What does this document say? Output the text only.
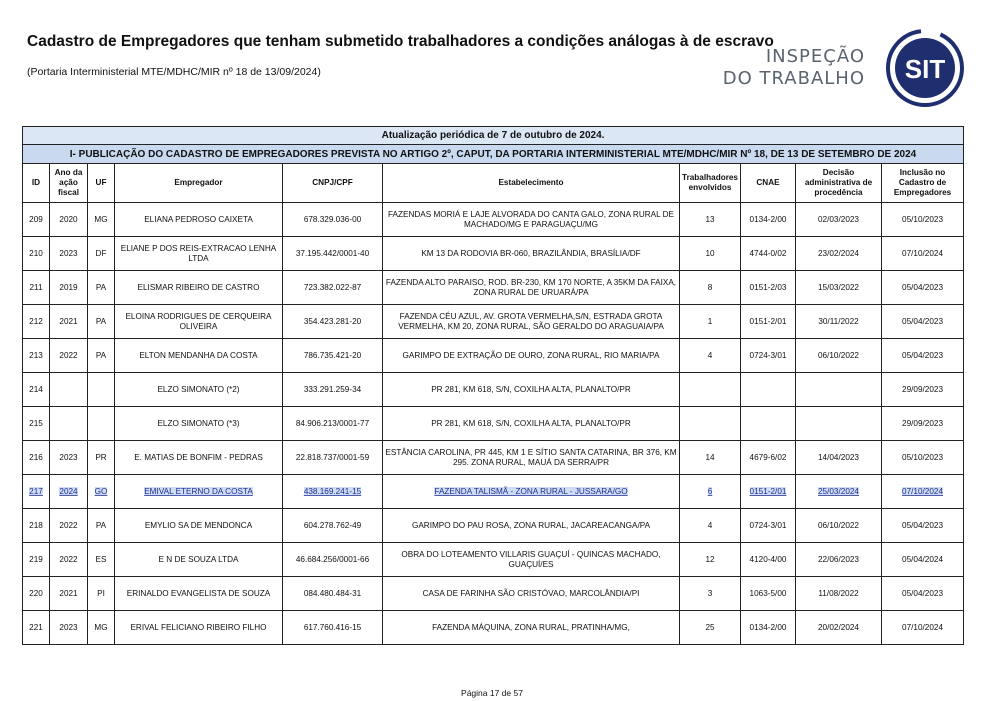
Cadastro de Empregadores que tenham submetido trabalhadores a condições análogas à de escravo
(Portaria Interministerial MTE/MDHC/MIR nº 18 de 13/09/2024)
INSPEÇÃO
DO TRABALHO SIT
Atualização periódica de 7 de outubro de 2024.									
I- PUBLICAÇÃO DO CADASTRO DE EMPREGADORES PREVISTA NO ARTIGO 2º, CAPUT, DA PORTARIA INTERMINISTERIAL MTE/MDHC/MIR Nº 18, DE 13 DE SETEMBRO DE 2024									
ID	Ano da ação fiscal	UF	Empregador	CNPJ/CPF	Estabelecimento	Trabalhadores envolvidos	CNAE	Decisão administrativa de procedência	Inclusão no Cadastro de Empregadores
209	2020	MG	ELIANA PEDROSO CAIXETA	678.329.036-00	FAZENDAS MORIÁ E LAJE ALVORADA DO CANTA GALO, ZONA RURAL DE MACHADO/MG E PARAGUAÇU/MG	13	0134-2/00	02/03/2023	05/10/2023
210	2023	DF	ELIANE P DOS REIS-EXTRACAO LENHA LTDA	37.195.442/0001-40	KM 13 DA RODOVIA BR-060, BRAZILÂNDIA, BRASÍLIA/DF	10	4744-0/02	23/02/2024	07/10/2024
211	2019	PA	ELISMAR RIBEIRO DE CASTRO	723.382.022-87	FAZENDA ALTO PARAISO, ROD. BR-230, KM 170 NORTE, A 35KM DA FAIXA, ZONA RURAL DE URUARÁ/PA	8	0151-2/03	15/03/2022	05/04/2023
212	2021	PA	ELOINA RODRIGUES DE CERQUEIRA OLIVEIRA	354.423.281-20	FAZENDA CÉU AZUL, AV. GROTA VERMELHA,S/N, ESTRADA GROTA VERMELHA, KM 20, ZONA RURAL, SÃO GERALDO DO ARAGUAIA/PA	1	0151-2/01	30/11/2022	05/04/2023
213	2022	PA	ELTON MENDANHA DA COSTA	786.735.421-20	GARIMPO DE EXTRAÇÃO DE OURO, ZONA RURAL, RIO MARIA/PA	4	0724-3/01	06/10/2022	05/04/2023
214			ELZO SIMONATO (*2)	333.291.259-34	PR 281, KM 618, S/N, COXILHA ALTA, PLANALTO/PR				29/09/2023
215			ELZO SIMONATO (*3)	84.906.213/0001-77	PR 281, KM 618, S/N, COXILHA ALTA, PLANALTO/PR				29/09/2023
216	2023	PR	E. MATIAS DE BONFIM - PEDRAS	22.818.737/0001-59	ESTÂNCIA CAROLINA, PR 445, KM 1 E SÍTIO SANTA CATARINA, BR 376, KM 295. ZONA RURAL, MAUÁ DA SERRA/PR	14	4679-6/02	14/04/2023	05/10/2023
217	2024	GO	EMIVAL ETERNO DA COSTA	438.169.241-15	FAZENDA TALISMÃ - ZONA RURAL - JUSSARA/GO	6	0151-2/01	25/03/2024	07/10/2024
218	2022	PA	EMYLIO SA DE MENDONCA	604.278.762-49	GARIMPO DO PAU ROSA, ZONA RURAL, JACAREACANGA/PA	4	0724-3/01	06/10/2022	05/04/2023
219	2022	ES	E N DE SOUZA LTDA	46.684.256/0001-66	OBRA DO LOTEAMENTO VILLARIS GUAÇUÍ - QUINCAS MACHADO, GUAÇUÍ/ES	12	4120-4/00	22/06/2023	05/04/2024
220	2021	PI	ERINALDO EVANGELISTA DE SOUZA	084.480.484-31	CASA DE FARINHA SÃO CRISTÓVAO, MARCOLÂNDIA/PI	3	1063-5/00	11/08/2022	05/04/2023
221	2023	MG	ERIVAL FELICIANO RIBEIRO FILHO	617.760.416-15	FAZENDA MÁQUINA, ZONA RURAL, PRATINHA/MG,	25	0134-2/00	20/02/2024	07/10/2024
Página 17 de 57
